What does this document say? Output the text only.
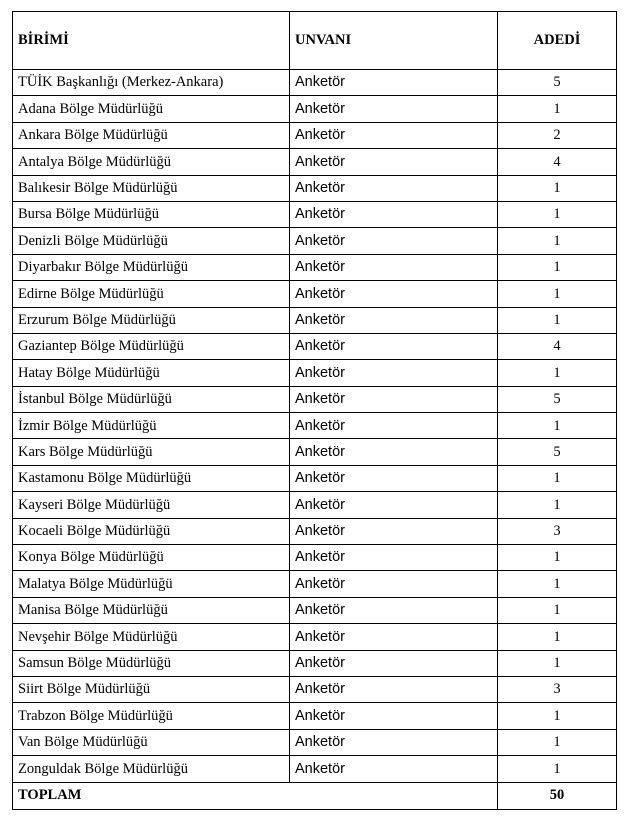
BİRİMİ	UNVANI	ADEDİ
TÜİK Başkanlığı (Merkez-Ankara)	Anketör	5
Adana Bölge Müdürlüğü	Anketör	1
Ankara Bölge Müdürlüğü	Anketör	2
Antalya Bölge Müdürlüğü	Anketör	4
Balıkesir Bölge Müdürlüğü	Anketör	1
Bursa Bölge Müdürlüğü	Anketör	1
Denizli Bölge Müdürlüğü	Anketör	1
Diyarbakır Bölge Müdürlüğü	Anketör	1
Edirne Bölge Müdürlüğü	Anketör	1
Erzurum Bölge Müdürlüğü	Anketör	1
Gaziantep Bölge Müdürlüğü	Anketör	4
Hatay Bölge Müdürlüğü	Anketör	1
İstanbul Bölge Müdürlüğü	Anketör	5
İzmir Bölge Müdürlüğü	Anketör	1
Kars Bölge Müdürlüğü	Anketör	5
Kastamonu Bölge Müdürlüğü	Anketör	1
Kayseri Bölge Müdürlüğü	Anketör	1
Kocaeli Bölge Müdürlüğü	Anketör	3
Konya Bölge Müdürlüğü	Anketör	1
Malatya Bölge Müdürlüğü	Anketör	1
Manisa Bölge Müdürlüğü	Anketör	1
Nevşehir Bölge Müdürlüğü	Anketör	1
Samsun Bölge Müdürlüğü	Anketör	1
Siirt Bölge Müdürlüğü	Anketör	3
Trabzon Bölge Müdürlüğü	Anketör	1
Van Bölge Müdürlüğü	Anketör	1
Zonguldak Bölge Müdürlüğü	Anketör	1
TOPLAM		50
